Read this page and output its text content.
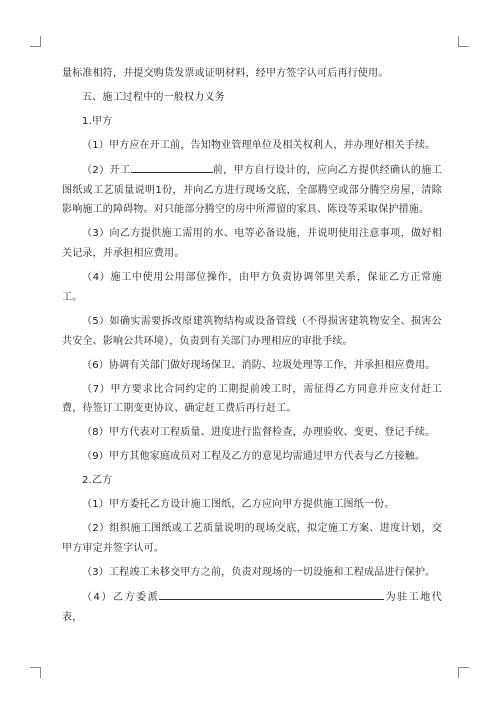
量标准相符，并提交购货发票或证明材料，经甲方签字认可后再行使用。

五、施工过程中的一般权力义务

1.甲方

（1）甲方应在开工前，告知物业管理单位及相关权利人，并办理好相关手续。

（2）开工	前，甲方自行设计的，应向乙方提供经确认的施工图纸或工艺质量说明1份，并向乙方进行现场交底，全部腾空或部分腾空房屋，清除影响施工的障碍物。对只能部分腾空的房中所滞留的家具、陈设等采取保护措施。

（3）向乙方提供施工需用的水、电等必备设施，并说明使用注意事项，做好相关记录，并承担相应费用。

（4）施工中使用公用部位操作，由甲方负责协调邻里关系，保证乙方正常施工。

（5）如确实需要拆改原建筑物结构或设备管线（不得损害建筑物安全、损害公共安全、影响公共环境），负责到有关部门办理相应的审批手续。

（6）协调有关部门做好现场保卫、消防、垃圾处理等工作，并承担相应费用。

（7）甲方要求比合同约定的工期提前竣工时，需征得乙方同意并应支付赶工费，待签订工期变更协议、确定赶工费后再行赶工。

（8）甲方代表对工程质量、进度进行监督检查，办理验收、变更、登记手续。

（9）甲方其他家庭成员对工程及乙方的意见均需通过甲方代表与乙方接触。

2.乙方

（1）甲方委托乙方设计施工图纸，乙方应向甲方提供施工图纸一份。

（2）组织施工图纸或工艺质量说明的现场交底，拟定施工方案、进度计划，交甲方审定并签字认可。

（3）工程竣工未移交甲方之前，负责对现场的一切设施和工程成品进行保护。

（4）乙方委派	为驻工地代表，
